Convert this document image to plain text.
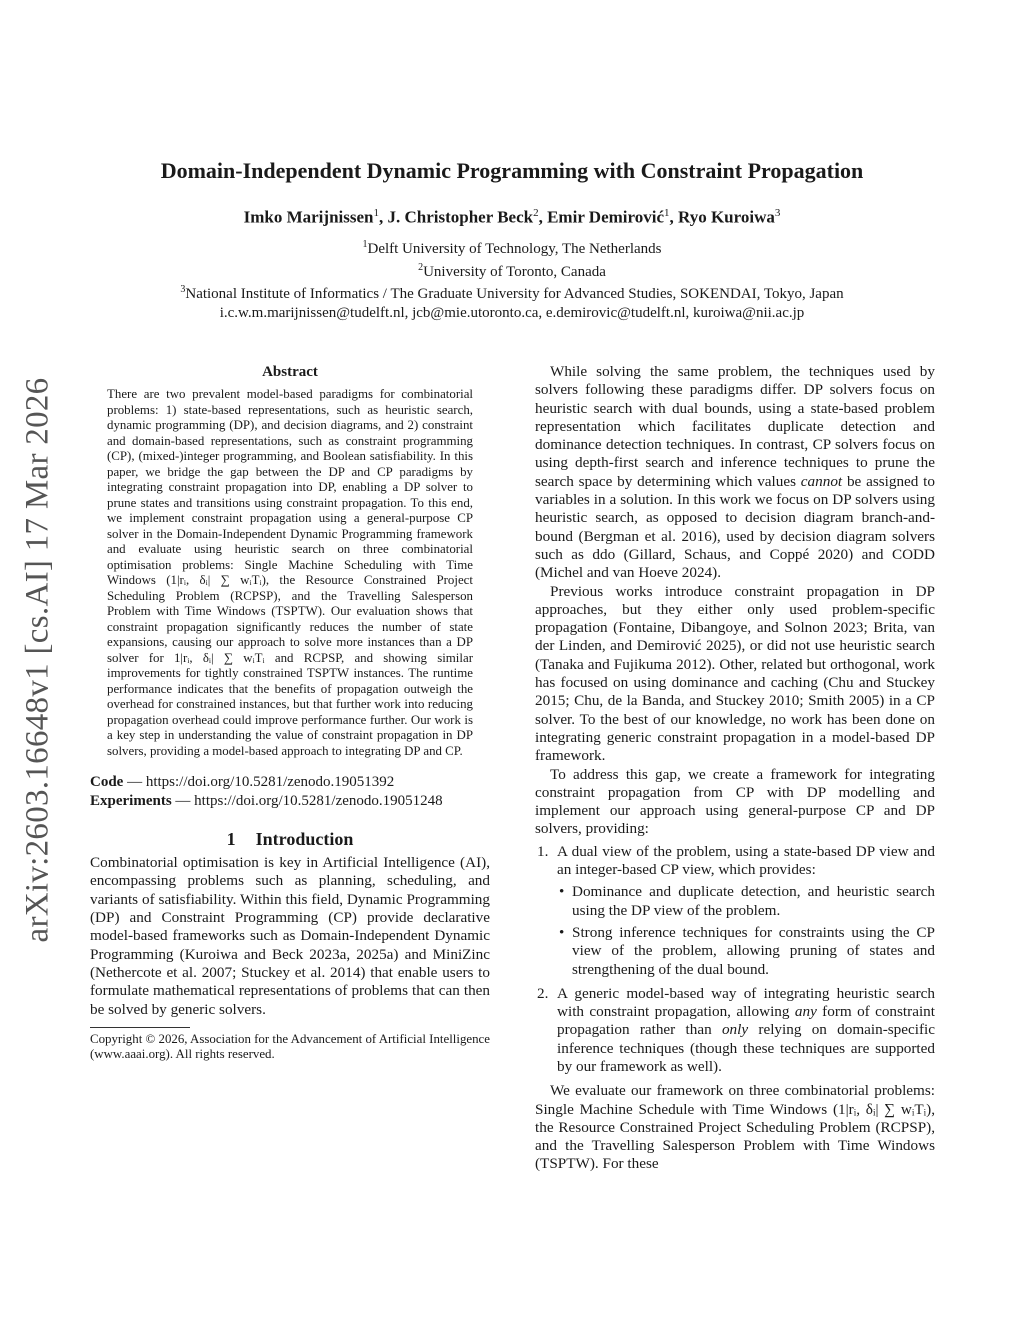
arXiv:2603.16648v1 [cs.AI] 17 Mar 2026
Domain-Independent Dynamic Programming with Constraint Propagation
Imko Marijnissen$^1$, J. Christopher Beck$^2$, Emir Demirović$^1$, Ryo Kuroiwa$^3$
$^1$Delft University of Technology, The Netherlands
$^2$University of Toronto, Canada
$^3$National Institute of Informatics / The Graduate University for Advanced Studies, SOKENDAI, Tokyo, Japan
i.c.w.m.marijnissen@tudelft.nl, jcb@mie.utoronto.ca, e.demirovic@tudelft.nl, kuroiwa@nii.ac.jp
Abstract

There are two prevalent model-based paradigms for combinatorial problems: 1) state-based representations, such as heuristic search, dynamic programming (DP), and decision diagrams, and 2) constraint and domain-based representations, such as constraint programming (CP), (mixed-)integer programming, and Boolean satisfiability. In this paper, we bridge the gap between the DP and CP paradigms by integrating constraint propagation into DP, enabling a DP solver to prune states and transitions using constraint propagation. To this end, we implement constraint propagation using a general-purpose CP solver in the Domain-Independent Dynamic Programming framework and evaluate using heuristic search on three combinatorial optimisation problems: Single Machine Scheduling with Time Windows (1|rᵢ, δᵢ| ∑ wᵢTᵢ), the Resource Constrained Project Scheduling Problem (RCPSP), and the Travelling Salesperson Problem with Time Windows (TSPTW). Our evaluation shows that constraint propagation significantly reduces the number of state expansions, causing our approach to solve more instances than a DP solver for 1|rᵢ, δᵢ| ∑ wᵢTᵢ and RCPSP, and showing similar improvements for tightly constrained TSPTW instances. The runtime performance indicates that the benefits of propagation outweigh the overhead for constrained instances, but that further work into reducing propagation overhead could improve performance further. Our work is a key step in understanding the value of constraint propagation in DP solvers, providing a model-based approach to integrating DP and CP.

Code — https://doi.org/10.5281/zenodo.19051392

Experiments — https://doi.org/10.5281/zenodo.19051248

1 Introduction

Combinatorial optimisation is key in Artificial Intelligence (AI), encompassing problems such as planning, scheduling, and variants of satisfiability. Within this field, Dynamic Programming (DP) and Constraint Programming (CP) provide declarative model-based frameworks such as Domain-Independent Dynamic Programming (Kuroiwa and Beck 2023a, 2025a) and MiniZinc (Nethercote et al. 2007; Stuckey et al. 2014) that enable users to formulate mathematical representations of problems that can then be solved by generic solvers.

Copyright © 2026, Association for the Advancement of Artificial Intelligence (www.aaai.org). All rights reserved.

While solving the same problem, the techniques used by solvers following these paradigms differ. DP solvers focus on heuristic search with dual bounds, using a state-based problem representation which facilitates duplicate detection and dominance detection techniques. In contrast, CP solvers focus on using depth-first search and inference techniques to prune the search space by determining which values cannot be assigned to variables in a solution. In this work we focus on DP solvers using heuristic search, as opposed to decision diagram branch-and-bound (Bergman et al. 2016), used by decision diagram solvers such as ddo (Gillard, Schaus, and Coppé 2020) and CODD (Michel and van Hoeve 2024).

Previous works introduce constraint propagation in DP approaches, but they either only used problem-specific propagation (Fontaine, Dibangoye, and Solnon 2023; Brita, van der Linden, and Demirović 2025), or did not use heuristic search (Tanaka and Fujikuma 2012). Other, related but orthogonal, work has focused on using dominance and caching (Chu and Stuckey 2015; Chu, de la Banda, and Stuckey 2010; Smith 2005) in a CP solver. To the best of our knowledge, no work has been done on integrating generic constraint propagation in a model-based DP framework.

To address this gap, we create a framework for integrating constraint propagation from CP with DP modelling and implement our approach using general-purpose CP and DP solvers, providing:

1. A dual view of the problem, using a state-based DP view and an integer-based CP view, which provides:
• Dominance and duplicate detection, and heuristic search using the DP view of the problem.
• Strong inference techniques for constraints using the CP view of the problem, allowing pruning of states and strengthening of the dual bound.
2. A generic model-based way of integrating heuristic search with constraint propagation, allowing any form of constraint propagation rather than only relying on domain-specific inference techniques (though these techniques are supported by our framework as well).

We evaluate our framework on three combinatorial problems: Single Machine Schedule with Time Windows (1|rᵢ, δᵢ| ∑ wᵢTᵢ), the Resource Constrained Project Scheduling Problem (RCPSP), and the Travelling Salesperson Problem with Time Windows (TSPTW). For these
